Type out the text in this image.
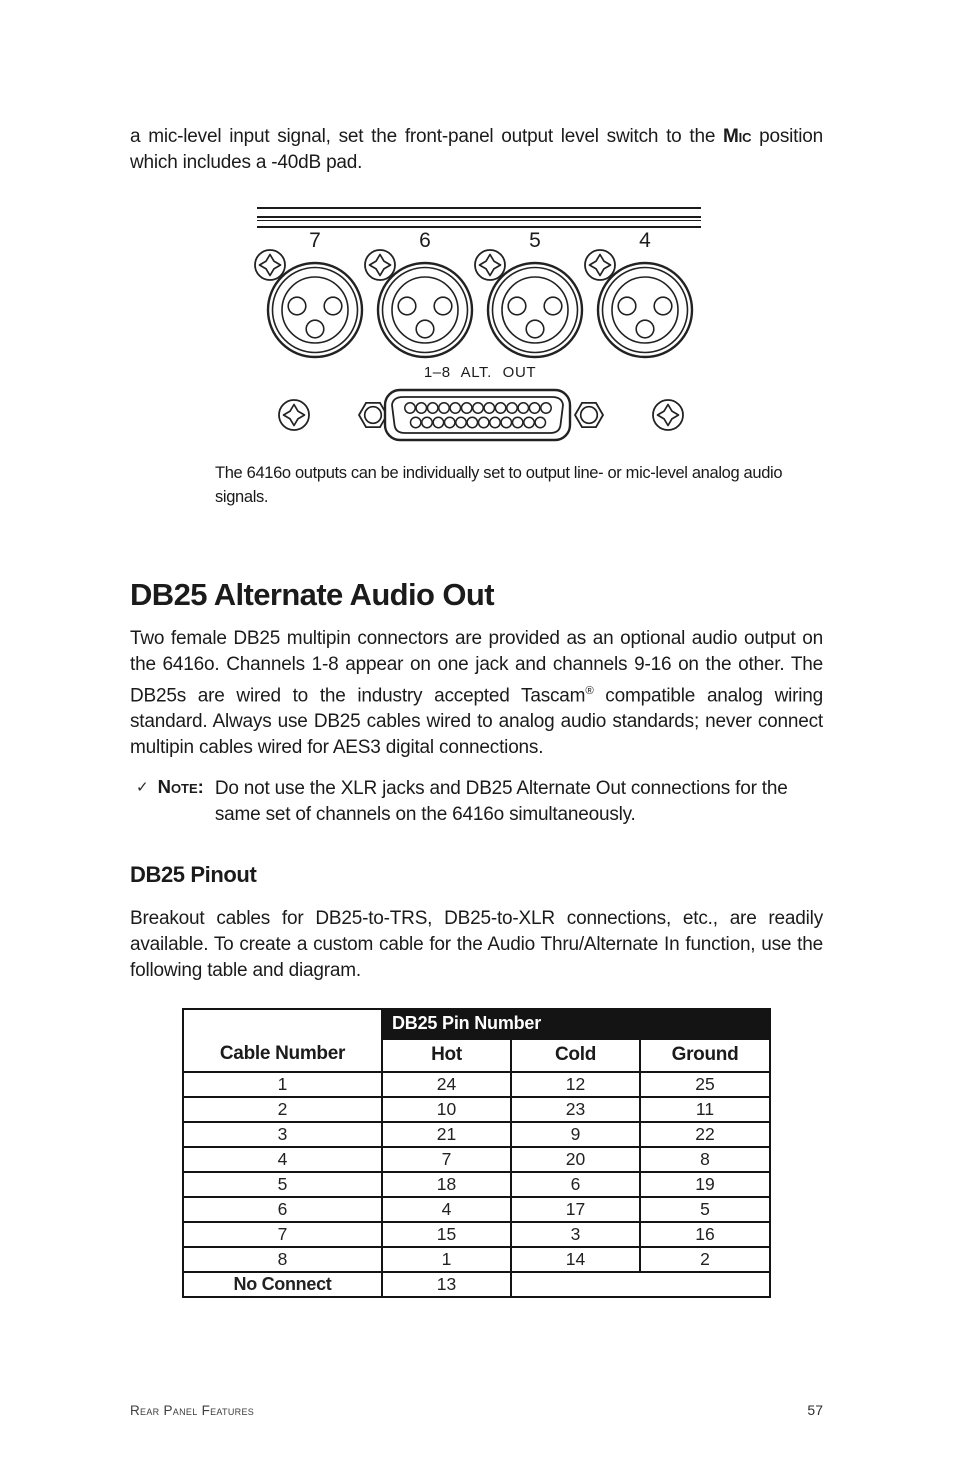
a mic-level input signal, set the front-panel output level switch to the Mic position which includes a -40dB pad.
7	6	5	4
1–8 ALT. OUT
The 6416o outputs can be individually set to output line- or mic-level analog audio signals.
DB25 Alternate Audio Out
Two female DB25 multipin connectors are provided as an optional audio output on the 6416o. Channels 1-8 appear on one jack and channels 9-16 on the other. The DB25s are wired to the industry accepted Tascam® compatible analog wiring standard. Always use DB25 cables wired to analog audio standards; never connect multipin cables wired for AES3 digital connections.
✓ Note: Do not use the XLR jacks and DB25 Alternate Out connections for the same set of channels on the 6416o simultaneously.
DB25 Pinout
Breakout cables for DB25-to-TRS, DB25-to-XLR connections, etc., are readily available. To create a custom cable for the Audio Thru/Alternate In function, use the following table and diagram.
Cable Number	DB25 Pin Number		
	Hot	Cold	Ground
1	24	12	25
2	10	23	11
3	21	9	22
4	7	20	8
5	18	6	19
6	4	17	5
7	15	3	16
8	1	14	2
No Connect	13		
Rear Panel Features	57
